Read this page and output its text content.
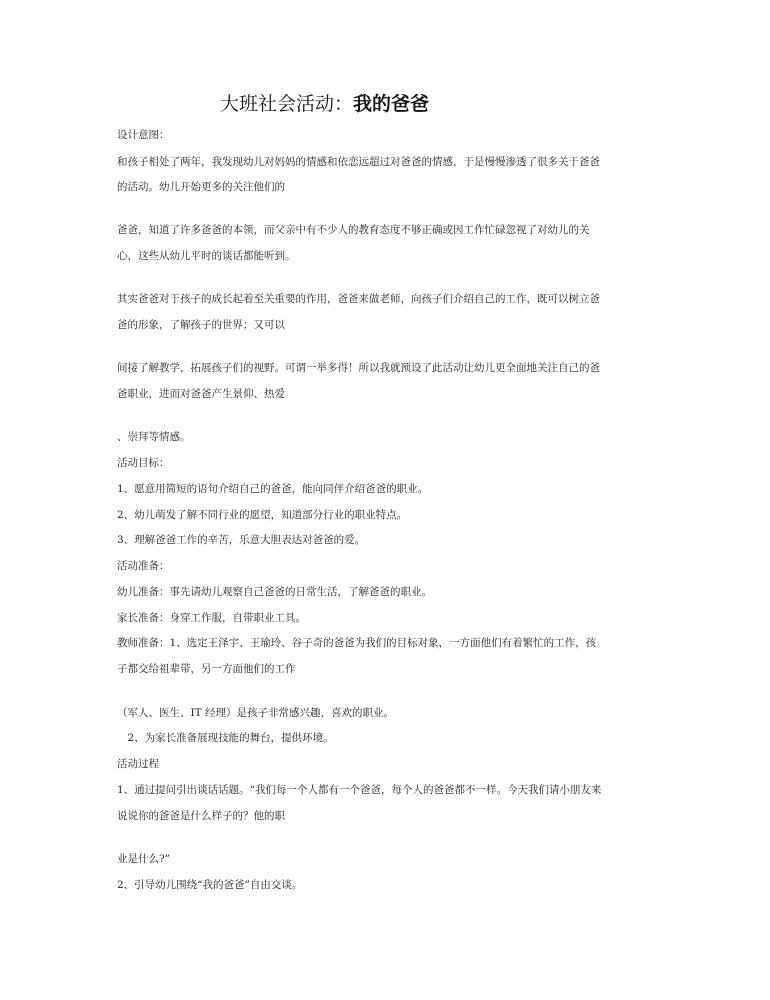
大班社会活动：我的爸爸
设计意图：
和孩子相处了两年，我发现幼儿对妈妈的情感和依恋远超过对爸爸的情感，于是慢慢渗透了很多关于爸爸
的活动。幼儿开始更多的关注他们的
爸爸，知道了许多爸爸的本领，而父亲中有不少人的教育态度不够正确或因工作忙碌忽视了对幼儿的关
心，这些从幼儿平时的谈话都能听到。
其实爸爸对于孩子的成长起着至关重要的作用，爸爸来做老师，向孩子们介绍自己的工作，既可以树立爸
爸的形象，了解孩子的世界；又可以
间接了解教学，拓展孩子们的视野。可谓一举多得！所以我就预设了此活动让幼儿更全面地关注自己的爸
爸职业，进而对爸爸产生景仰、热爱
、崇拜等情感。
活动目标：
1、愿意用简短的语句介绍自己的爸爸，能向同伴介绍爸爸的职业。
2、幼儿萌发了解不同行业的愿望，知道部分行业的职业特点。
3、理解爸爸工作的辛苦，乐意大胆表达对爸爸的爱。
活动准备：
幼儿准备：事先请幼儿观察自己爸爸的日常生活，了解爸爸的职业。
家长准备：身穿工作服，自带职业工具。
教师准备：1、选定王泽宇、王瑜玲、谷子奇的爸爸为我们的目标对象，一方面他们有着繁忙的工作，孩
子都交给祖辈带，另一方面他们的工作
（军人、医生、IT 经理）是孩子非常感兴趣，喜欢的职业。
　2、为家长准备展现技能的舞台，提供环境。
活动过程
1、通过提问引出谈话话题。“我们每一个人都有一个爸爸，每个人的爸爸都不一样。今天我们请小朋友来
说说你的爸爸是什么样子的？他的职
业是什么?”
2、引导幼儿围绕“我的爸爸”自由交谈。
